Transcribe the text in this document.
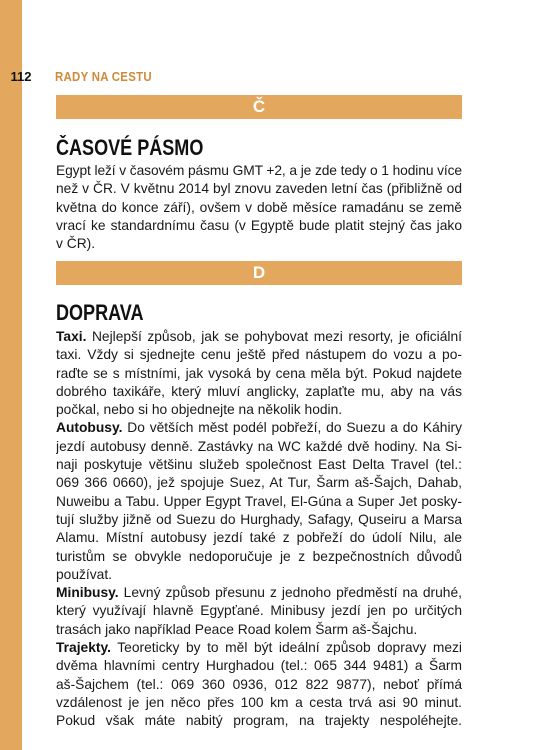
112	RADY NA CESTU
Č
ČASOVÉ PÁSMO
Egypt leží v časovém pásmu GMT +2, a je zde tedy o 1 hodinu více
než v ČR. V květnu 2014 byl znovu zaveden letní čas (přibližně od
května do konce září), ovšem v době měsíce ramadánu se země
vrací ke standardnímu času (v Egyptě bude platit stejný čas jako
v ČR).
D
DOPRAVA
Taxi. Nejlepší způsob, jak se pohybovat mezi resorty, je oficiální
taxi. Vždy si sjednejte cenu ještě před nástupem do vozu a po-
raďte se s místními, jak vysoká by cena měla být. Pokud najdete
dobrého taxikáře, který mluví anglicky, zaplaťte mu, aby na vás
počkal, nebo si ho objednejte na několik hodin.
Autobusy. Do větších měst podél pobřeží, do Suezu a do Káhiry
jezdí autobusy denně. Zastávky na WC každé dvě hodiny. Na Si-
naji poskytuje většinu služeb společnost East Delta Travel (tel.:
069 366 0660), jež spojuje Suez, At Tur, Šarm aš-Šajch, Dahab,
Nuweibu a Tabu. Upper Egypt Travel, El-Gúna a Super Jet posky-
tují služby jižně od Suezu do Hurghady, Safagy, Quseiru a Marsa
Alamu. Místní autobusy jezdí také z pobřeží do údolí Nilu, ale
turistům se obvykle nedoporučuje je z bezpečnostních důvodů
používat.
Minibusy. Levný způsob přesunu z jednoho předměstí na druhé,
který využívají hlavně Egypťané. Minibusy jezdí jen po určitých
trasách jako například Peace Road kolem Šarm aš-Šajchu.
Trajekty. Teoreticky by to měl být ideální způsob dopravy mezi
dvěma hlavními centry Hurghadou (tel.: 065 344 9481) a Šarm
aš-Šajchem (tel.: 069 360 0936, 012 822 9877), neboť přímá
vzdálenost je jen něco přes 100 km a cesta trvá asi 90 minut.
Pokud však máte nabitý program, na trajekty nespoléhejte.
